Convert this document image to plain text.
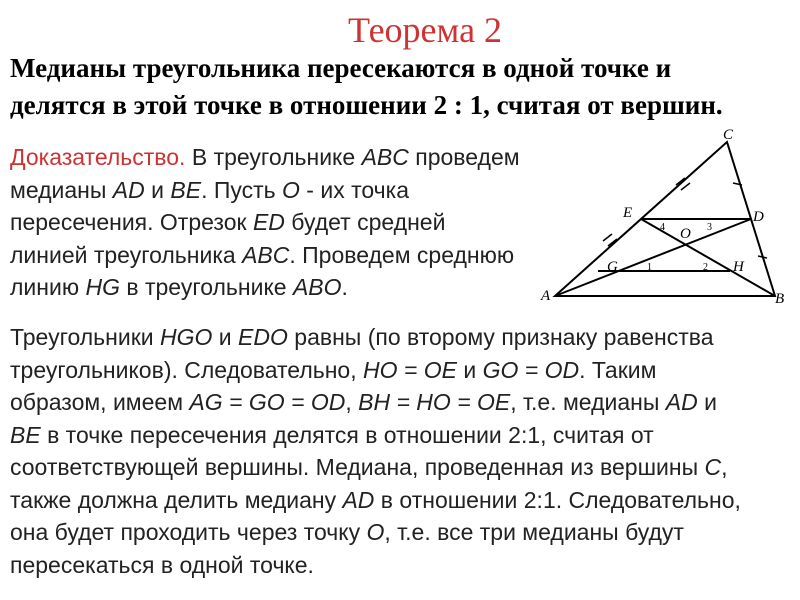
Теорема 2
Медианы треугольника пересекаются в одной точке и
делятся в этой точке в отношении 2 : 1, считая от вершин.
Доказательство. В треугольнике ABC проведем
медианы AD и BE. Пусть O - их точка
пересечения. Отрезок ED будет средней
линией треугольника ABC. Проведем среднюю
линию HG в треугольнике ABO.
C
E	D
O
G	H
A	B
1	2
3
4
Треугольники HGO и EDO равны (по второму признаку равенства
треугольников). Следовательно, HO = OE и GO = OD. Таким
образом, имеем AG = GO = OD, BH = HO = OE, т.е. медианы AD и
BE в точке пересечения делятся в отношении 2:1, считая от
соответствующей вершины. Медиана, проведенная из вершины C,
также должна делить медиану AD в отношении 2:1. Следовательно,
она будет проходить через точку O, т.е. все три медианы будут
пересекаться в одной точке.
